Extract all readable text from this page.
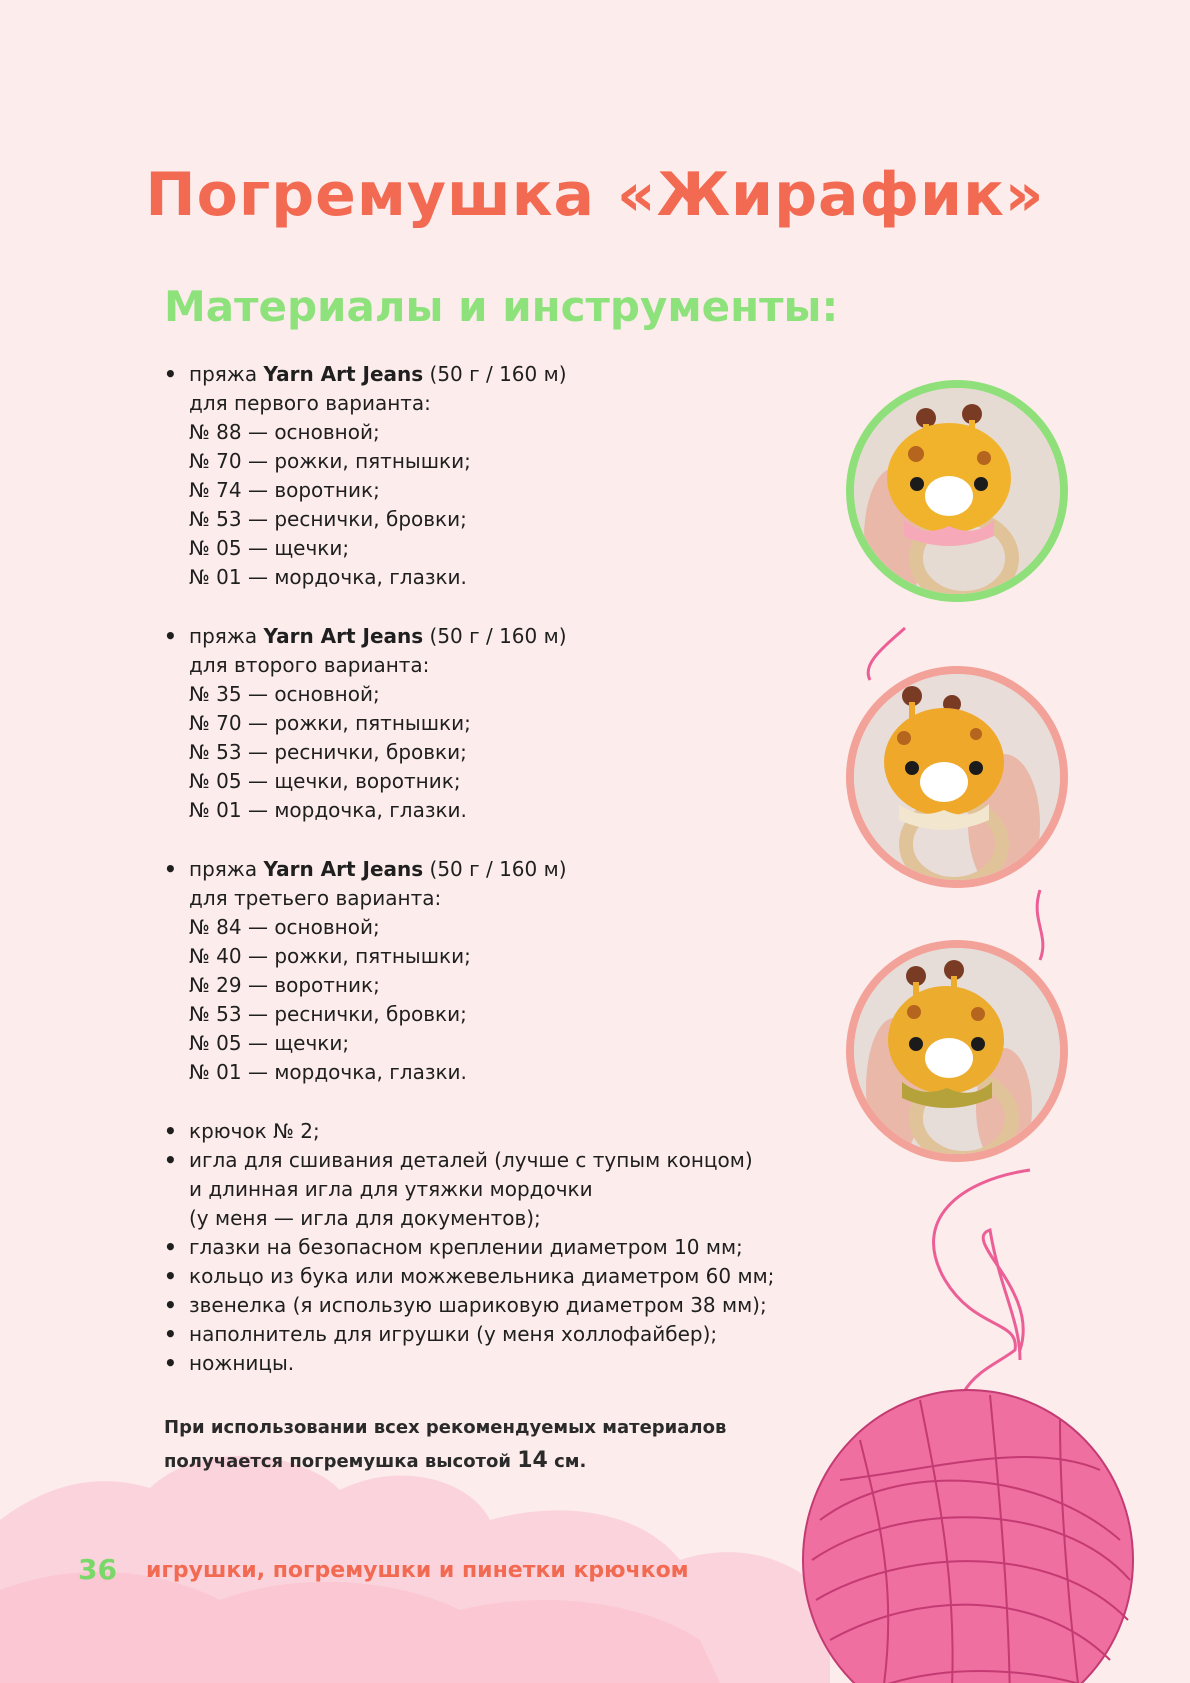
Погремушка «Жирафик»
Материалы и инструменты:
• пряжа Yarn Art Jeans (50 г / 160 м)
для первого варианта:
№ 88 — основной;
№ 70 — рожки, пятнышки;
№ 74 — воротник;
№ 53 — реснички, бровки;
№ 05 — щечки;
№ 01 — мордочка, глазки.
• пряжа Yarn Art Jeans (50 г / 160 м)
для второго варианта:
№ 35 — основной;
№ 70 — рожки, пятнышки;
№ 53 — реснички, бровки;
№ 05 — щечки, воротник;
№ 01 — мордочка, глазки.
• пряжа Yarn Art Jeans (50 г / 160 м)
для третьего варианта:
№ 84 — основной;
№ 40 — рожки, пятнышки;
№ 29 — воротник;
№ 53 — реснички, бровки;
№ 05 — щечки;
№ 01 — мордочка, глазки.
• крючок № 2;
• игла для сшивания деталей (лучше с тупым концом)
и длинная игла для утяжки мордочки
(у меня — игла для документов);
• глазки на безопасном креплении диаметром 10 мм;
• кольцо из бука или можжевельника диаметром 60 мм;
• звенелка (я использую шариковую диаметром 38 мм);
• наполнитель для игрушки (у меня холлофайбер);
• ножницы.
При использовании всех рекомендуемых материалов
получается погремушка высотой 14 см.
36 игрушки, погремушки и пинетки крючком
